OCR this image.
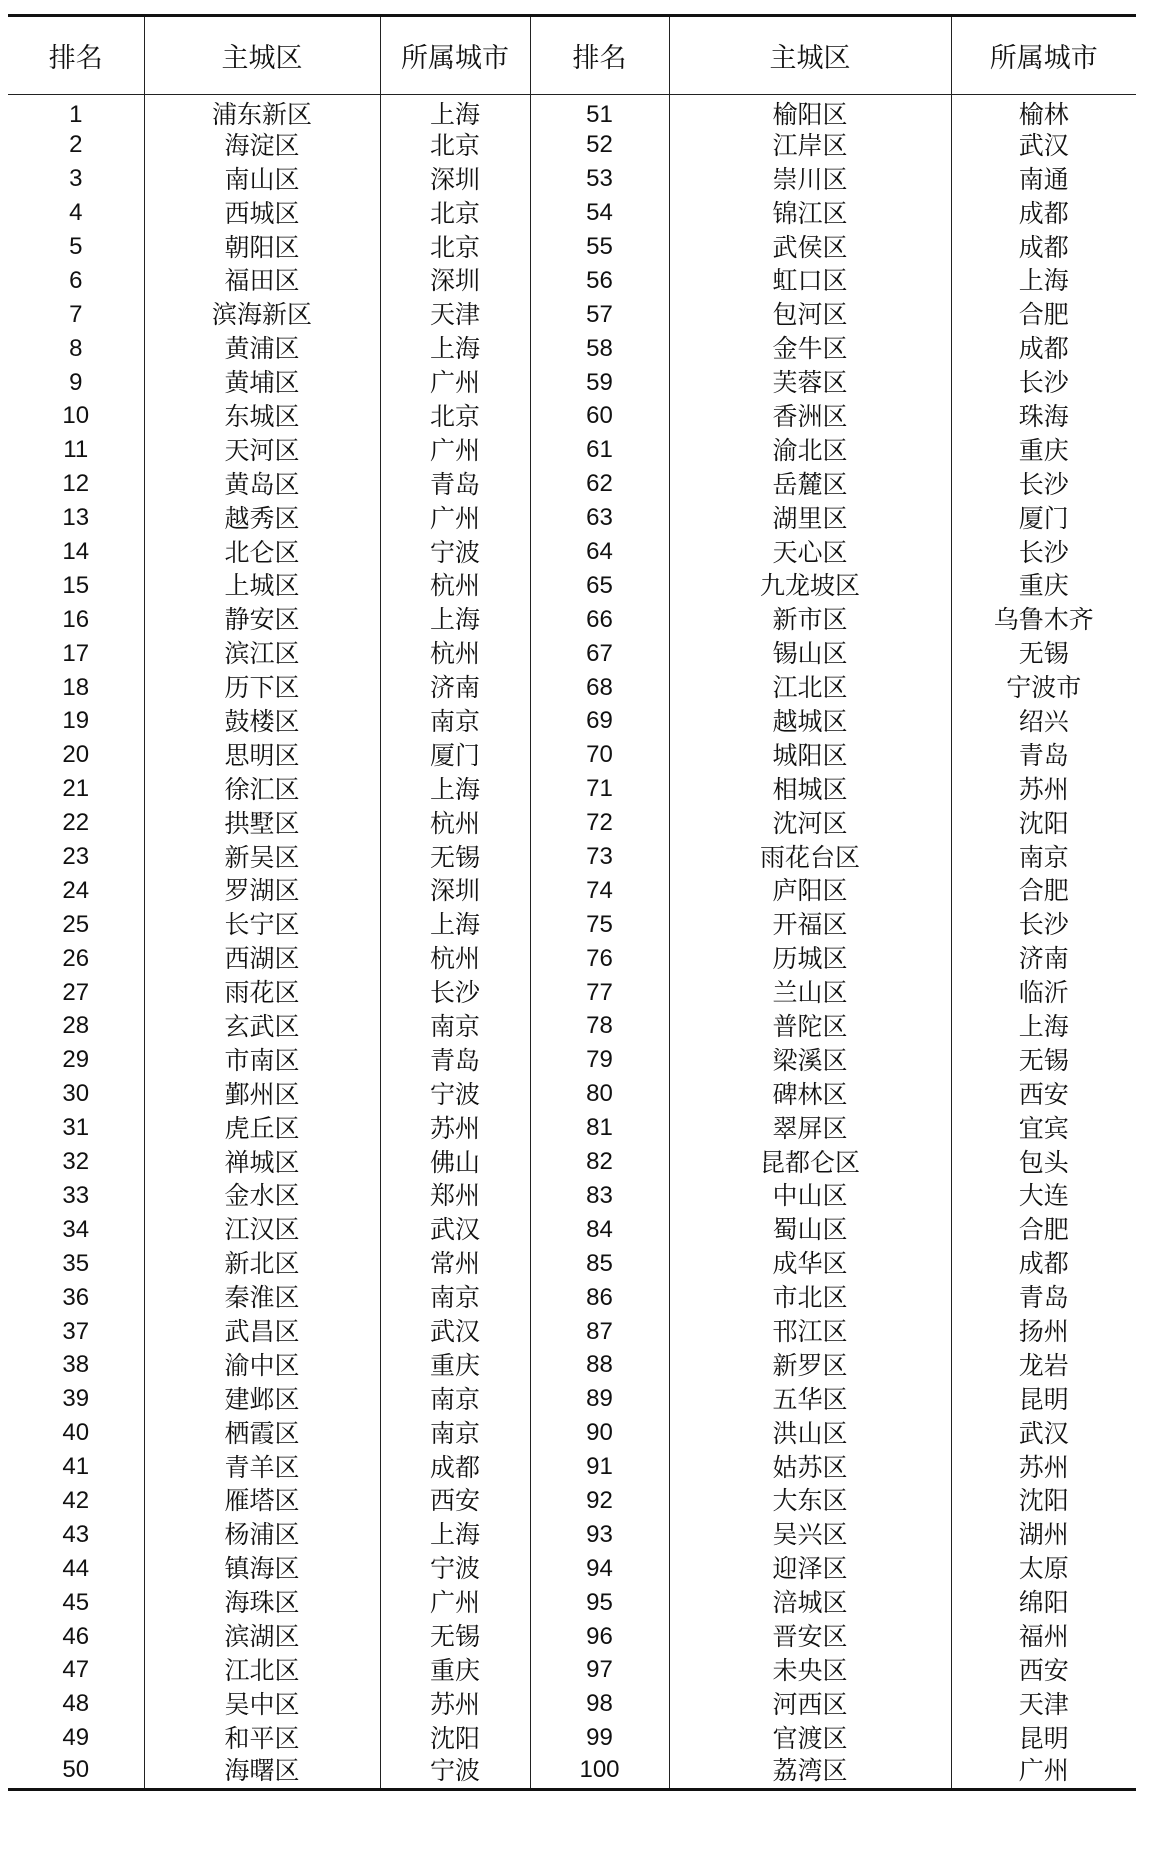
排名	主城区	所属城市	排名	主城区	所属城市
1	浦东新区	上海	51	榆阳区	榆林
2	海淀区	北京	52	江岸区	武汉
3	南山区	深圳	53	崇川区	南通
4	西城区	北京	54	锦江区	成都
5	朝阳区	北京	55	武侯区	成都
6	福田区	深圳	56	虹口区	上海
7	滨海新区	天津	57	包河区	合肥
8	黄浦区	上海	58	金牛区	成都
9	黄埔区	广州	59	芙蓉区	长沙
10	东城区	北京	60	香洲区	珠海
11	天河区	广州	61	渝北区	重庆
12	黄岛区	青岛	62	岳麓区	长沙
13	越秀区	广州	63	湖里区	厦门
14	北仑区	宁波	64	天心区	长沙
15	上城区	杭州	65	九龙坡区	重庆
16	静安区	上海	66	新市区	乌鲁木齐
17	滨江区	杭州	67	锡山区	无锡
18	历下区	济南	68	江北区	宁波市
19	鼓楼区	南京	69	越城区	绍兴
20	思明区	厦门	70	城阳区	青岛
21	徐汇区	上海	71	相城区	苏州
22	拱墅区	杭州	72	沈河区	沈阳
23	新吴区	无锡	73	雨花台区	南京
24	罗湖区	深圳	74	庐阳区	合肥
25	长宁区	上海	75	开福区	长沙
26	西湖区	杭州	76	历城区	济南
27	雨花区	长沙	77	兰山区	临沂
28	玄武区	南京	78	普陀区	上海
29	市南区	青岛	79	梁溪区	无锡
30	鄞州区	宁波	80	碑林区	西安
31	虎丘区	苏州	81	翠屏区	宜宾
32	禅城区	佛山	82	昆都仑区	包头
33	金水区	郑州	83	中山区	大连
34	江汉区	武汉	84	蜀山区	合肥
35	新北区	常州	85	成华区	成都
36	秦淮区	南京	86	市北区	青岛
37	武昌区	武汉	87	邗江区	扬州
38	渝中区	重庆	88	新罗区	龙岩
39	建邺区	南京	89	五华区	昆明
40	栖霞区	南京	90	洪山区	武汉
41	青羊区	成都	91	姑苏区	苏州
42	雁塔区	西安	92	大东区	沈阳
43	杨浦区	上海	93	吴兴区	湖州
44	镇海区	宁波	94	迎泽区	太原
45	海珠区	广州	95	涪城区	绵阳
46	滨湖区	无锡	96	晋安区	福州
47	江北区	重庆	97	未央区	西安
48	吴中区	苏州	98	河西区	天津
49	和平区	沈阳	99	官渡区	昆明
50	海曙区	宁波	100	荔湾区	广州
